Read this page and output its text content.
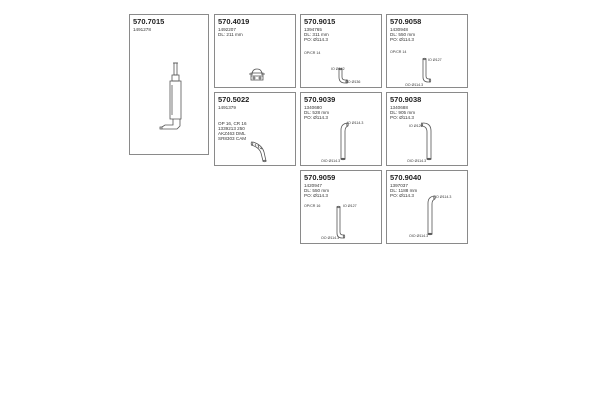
570.7015
1491278
570.4019
1492207
DL: 211 mm
570.9015
1394765
DL: 311 mm
PO: Ø114.3
OP/CR 14
IO Ø142
OO Ø136
570.9058
1430948
DL: 550 mm
PO: Ø114.3
OP/CR 14
IO Ø127
OO Ø114.3
570.5022
1491379
OP 16, CR 16
1339213 250
AKZ463 DML
SR8303 CAM
570.9039
1340680
DL: 528 mm
PO: Ø114.3
IO Ø114.3
OIO Ø114.3
570.9038
1340688
DL: 905 mm
PO: Ø114.3
IO Ø120
OIO Ø114.3
570.9059
1420947
DL: 550 mm
PO: Ø114.3
OP/CR 16	IO Ø127
OO Ø114.3
570.9040
1397037
DL: 1188 mm
PO: Ø114.3	IO Ø114.3
OIO Ø114.3
